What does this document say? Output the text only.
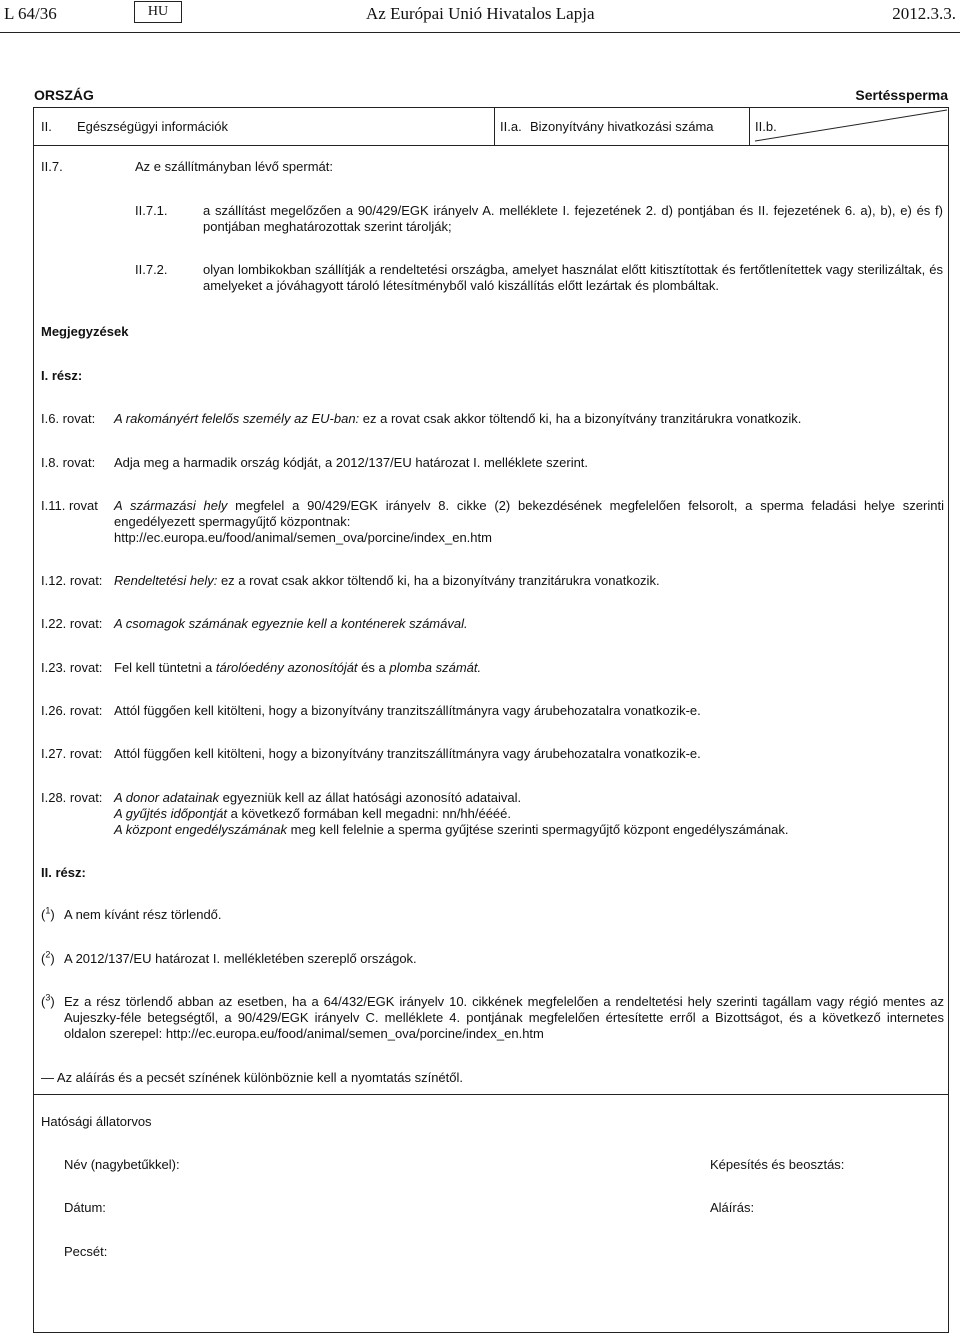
L 64/36	HU	Az Európai Unió Hivatalos Lapja	2012.3.3.
ORSZÁG	Sertéssperma
II. Egészségügyi információk	II.a. Bizonyítvány hivatkozási száma	II.b.
II.7.	Az e szállítmányban lévő spermát:
II.7.1.	a szállítást megelőzően a 90/429/EGK irányelv A. melléklete I. fejezetének 2. d) pontjában és II. fejezetének 6. a), b), e) és f) pontjában meghatározottak szerint tárolják;
II.7.2.	olyan lombikokban szállítják a rendeltetési országba, amelyet használat előtt kitisztítottak és fertőtlenítettek vagy sterilizáltak, és amelyeket a jóváhagyott tároló létesítményből való kiszállítás előtt lezártak és plombáltak.
Megjegyzések
I. rész:
I.6. rovat: A rakományért felelős személy az EU-ban: ez a rovat csak akkor töltendő ki, ha a bizonyítvány tranzitárukra vonatkozik.
I.8. rovat: Adja meg a harmadik ország kódját, a 2012/137/EU határozat I. melléklete szerint.
I.11. rovat A származási hely megfelel a 90/429/EGK irányelv 8. cikke (2) bekezdésének megfelelően felsorolt, a sperma feladási helye szerinti engedélyezett spermagyűjtő központnak:
http://ec.europa.eu/food/animal/semen_ova/porcine/index_en.htm
I.12. rovat: Rendeltetési hely: ez a rovat csak akkor töltendő ki, ha a bizonyítvány tranzitárukra vonatkozik.
I.22. rovat: A csomagok számának egyeznie kell a konténerek számával.
I.23. rovat: Fel kell tüntetni a tárolóedény azonosítóját és a plomba számát.
I.26. rovat: Attól függően kell kitölteni, hogy a bizonyítvány tranzitszállítmányra vagy árubehozatalra vonatkozik-e.
I.27. rovat: Attól függően kell kitölteni, hogy a bizonyítvány tranzitszállítmányra vagy árubehozatalra vonatkozik-e.
I.28. rovat: A donor adatainak egyezniük kell az állat hatósági azonosító adataival.
A gyűjtés időpontját a következő formában kell megadni: nn/hh/éééé.
A központ engedélyszámának meg kell felelnie a sperma gyűjtése szerinti spermagyűjtő központ engedélyszámának.
II. rész:
($^1$) A nem kívánt rész törlendő.
($^2$) A 2012/137/EU határozat I. mellékletében szereplő országok.
($^3$) Ez a rész törlendő abban az esetben, ha a 64/432/EGK irányelv 10. cikkének megfelelően a rendeltetési hely szerinti tagállam vagy régió mentes az Aujeszky-féle betegségtől, a 90/429/EGK irányelv C. melléklete 4. pontjának megfelelően értesítette erről a Bizottságot, és a következő internetes oldalon szerepel: http://ec.europa.eu/food/animal/semen_ova/porcine/index_en.htm
— Az aláírás és a pecsét színének különböznie kell a nyomtatás színétől.
Hatósági állatorvos
Név (nagybetűkkel):	Képesítés és beosztás:
Dátum:	Aláírás:
Pecsét:
